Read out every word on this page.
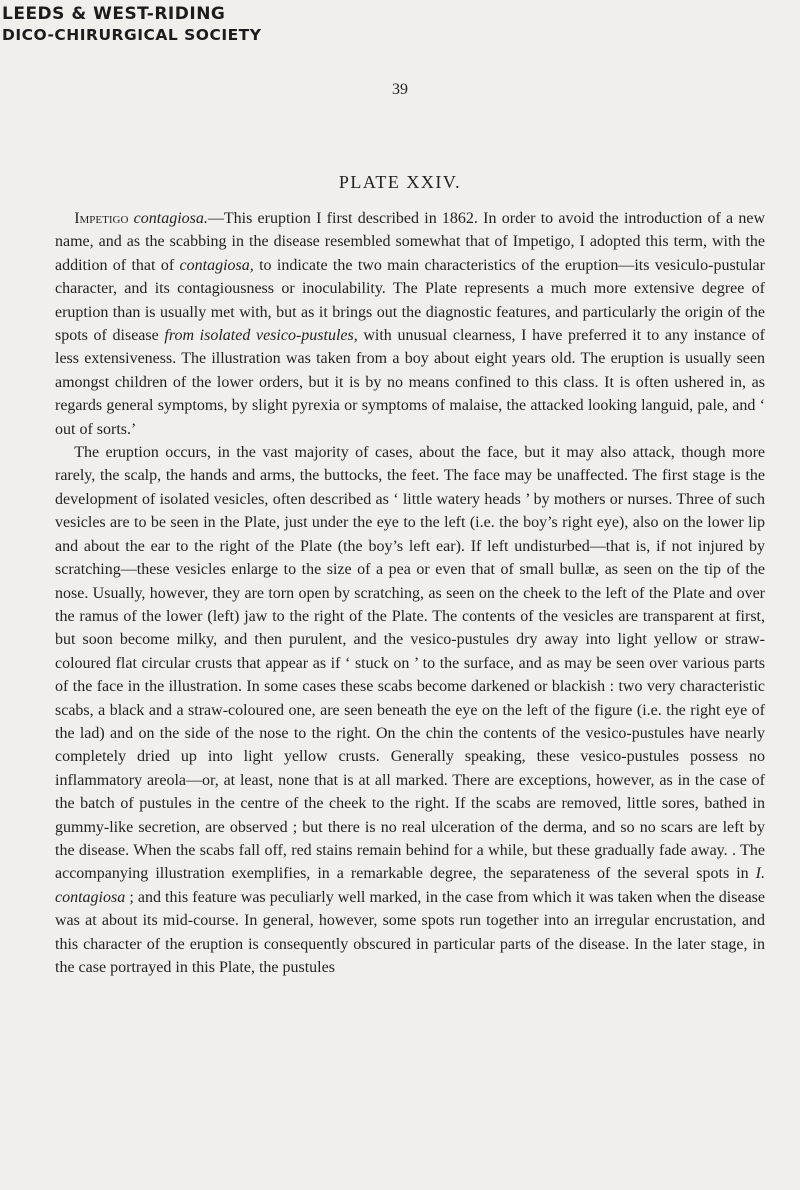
LEEDS & WEST-RIDING
DICO-CHIRURGICAL SOCIETY
39
PLATE XXIV.

Impetigo contagiosa.—This eruption I first described in 1862. In order to avoid the introduction of a new name, and as the scabbing in the disease resembled somewhat that of Impetigo, I adopted this term, with the addition of that of contagiosa, to indicate the two main characteristics of the eruption—its vesiculo-pustular character, and its contagiousness or inoculability. The Plate represents a much more extensive degree of eruption than is usually met with, but as it brings out the diagnostic features, and particularly the origin of the spots of disease from isolated vesico-pustules, with unusual clearness, I have preferred it to any instance of less extensiveness. The illustration was taken from a boy about eight years old. The eruption is usually seen amongst children of the lower orders, but it is by no means confined to this class. It is often ushered in, as regards general symptoms, by slight pyrexia or symptoms of malaise, the attacked looking languid, pale, and ‘ out of sorts.’

The eruption occurs, in the vast majority of cases, about the face, but it may also attack, though more rarely, the scalp, the hands and arms, the buttocks, the feet. The face may be unaffected. The first stage is the development of isolated vesicles, often described as ‘ little watery heads ’ by mothers or nurses. Three of such vesicles are to be seen in the Plate, just under the eye to the left (i.e. the boy’s right eye), also on the lower lip and about the ear to the right of the Plate (the boy’s left ear). If left undisturbed—that is, if not injured by scratching—these vesicles enlarge to the size of a pea or even that of small bullæ, as seen on the tip of the nose. Usually, however, they are torn open by scratching, as seen on the cheek to the left of the Plate and over the ramus of the lower (left) jaw to the right of the Plate. The contents of the vesicles are transparent at first, but soon become milky, and then purulent, and the vesico-pustules dry away into light yellow or straw-coloured flat circular crusts that appear as if ‘ stuck on ’ to the surface, and as may be seen over various parts of the face in the illustration. In some cases these scabs become darkened or blackish : two very characteristic scabs, a black and a straw-coloured one, are seen beneath the eye on the left of the figure (i.e. the right eye of the lad) and on the side of the nose to the right. On the chin the contents of the vesico-pustules have nearly completely dried up into light yellow crusts. Generally speaking, these vesico-pustules possess no inflammatory areola—or, at least, none that is at all marked. There are exceptions, however, as in the case of the batch of pustules in the centre of the cheek to the right. If the scabs are removed, little sores, bathed in gummy-like secretion, are observed ; but there is no real ulceration of the derma, and so no scars are left by the disease. When the scabs fall off, red stains remain behind for a while, but these gradually fade away. . The accompanying illustration exemplifies, in a remarkable degree, the separateness of the several spots in I. contagiosa ; and this feature was peculiarly well marked, in the case from which it was taken when the disease was at about its mid-course. In general, however, some spots run together into an irregular encrustation, and this character of the eruption is consequently obscured in particular parts of the disease. In the later stage, in the case portrayed in this Plate, the pustules
